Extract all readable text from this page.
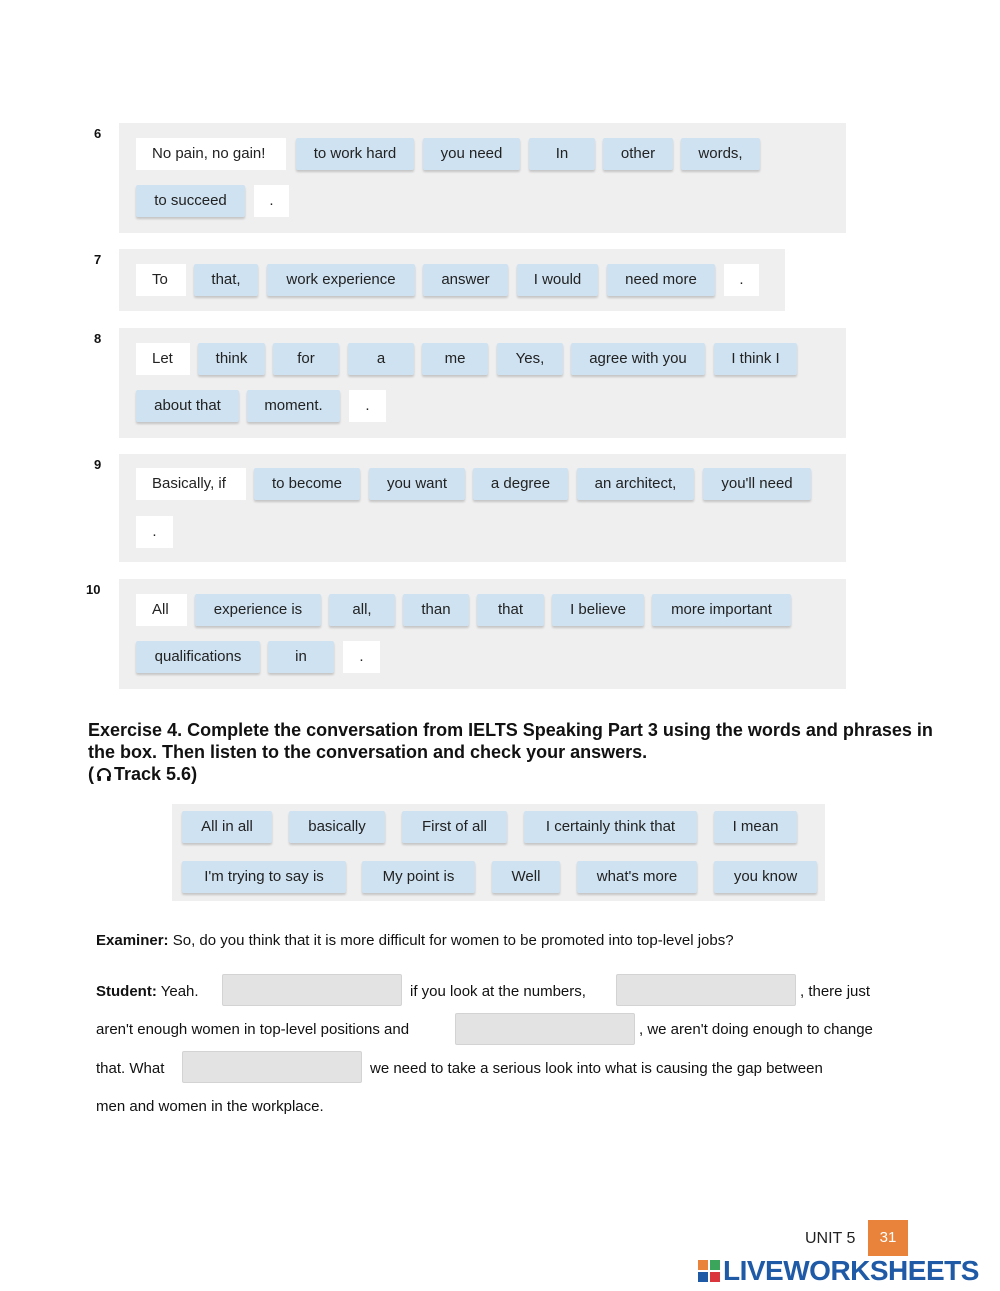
6
7
8
9
10
No pain, no gain!	to work hard	you need	In	other	words,
to succeed	.
To	that,	work experience	answer	I would	need more	.
Let	think	for	a	me	Yes,	agree with you	I think I
about that	moment.	.
Basically, if	to become	you want	a degree	an architect,	you'll need
.
All	experience is	all,	than	that	I believe	more important
qualifications	in	.

Exercise 4. Complete the conversation from IELTS Speaking Part 3 using the words and phrases in the box. Then listen to the conversation and check your answers.

( Track 5.6)

All in all	basically	First of all	I certainly think that	I mean
I'm trying to say is	My point is	Well	what's more	you know
Examiner: So, do you think that it is more difficult for women to be promoted into top-level jobs?
Student: Yeah.	if you look at the numbers,	, there just
aren't enough women in top-level positions and	, we aren't doing enough to change
that. What	we need to take a serious look into what is causing the gap between
men and women in the workplace.
UNIT 5	31
LIVEWORKSHEETS
